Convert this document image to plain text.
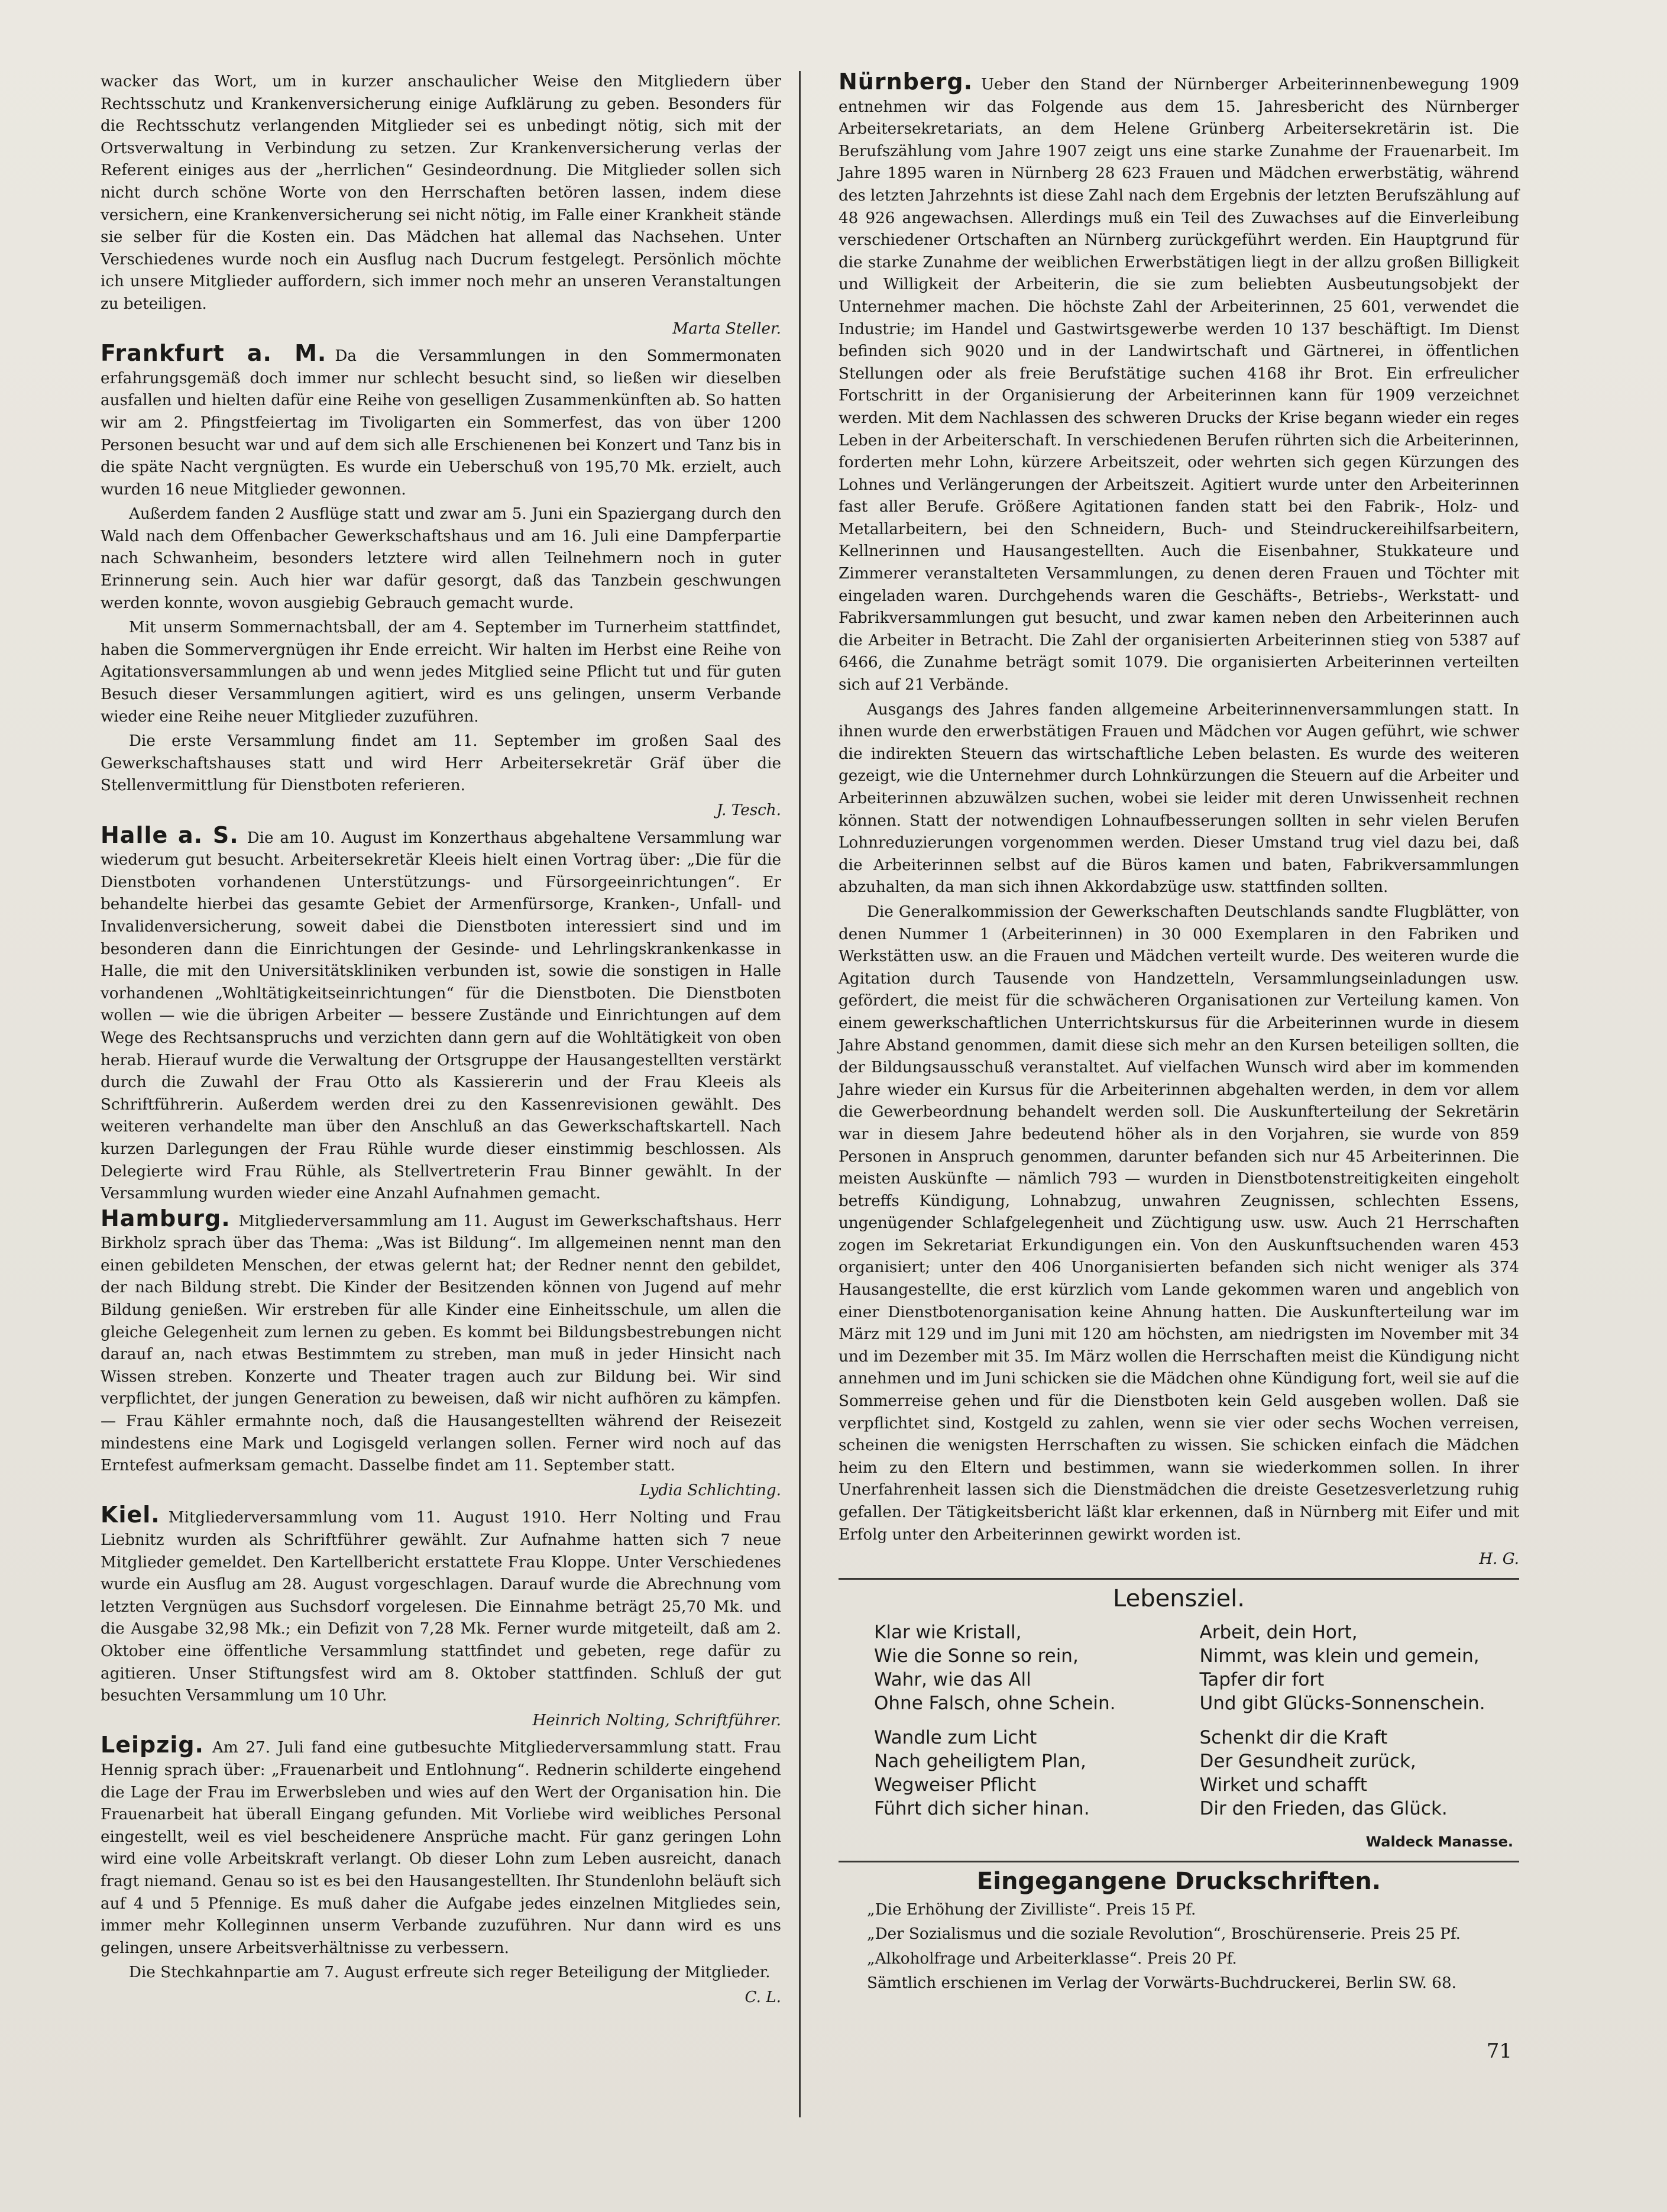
wacker das Wort, um in kurzer anschaulicher Weise den Mitgliedern über Rechtsschutz und Krankenversicherung einige Aufklärung zu geben. Besonders für die Rechtsschutz verlangenden Mitglieder sei es unbedingt nötig, sich mit der Ortsverwaltung in Verbindung zu setzen. Zur Krankenversicherung verlas der Referent einiges aus der „herrlichen“ Gesindeordnung. Die Mitglieder sollen sich nicht durch schöne Worte von den Herrschaften betören lassen, indem diese versichern, eine Krankenversicherung sei nicht nötig, im Falle einer Krankheit stände sie selber für die Kosten ein. Das Mädchen hat allemal das Nachsehen. Unter Verschiedenes wurde noch ein Ausflug nach Ducrum festgelegt. Persönlich möchte ich unsere Mitglieder auffordern, sich immer noch mehr an unseren Veranstaltungen zu beteiligen.

Marta Steller.

Frankfurt a. M. Da die Versammlungen in den Sommermonaten erfahrungsgemäß doch immer nur schlecht besucht sind, so ließen wir dieselben ausfallen und hielten dafür eine Reihe von geselligen Zusammenkünften ab. So hatten wir am 2. Pfingstfeiertag im Tivoligarten ein Sommerfest, das von über 1200 Personen besucht war und auf dem sich alle Erschienenen bei Konzert und Tanz bis in die späte Nacht vergnügten. Es wurde ein Ueberschuß von 195,70 Mk. erzielt, auch wurden 16 neue Mitglieder gewonnen.

Außerdem fanden 2 Ausflüge statt und zwar am 5. Juni ein Spaziergang durch den Wald nach dem Offenbacher Gewerkschaftshaus und am 16. Juli eine Dampferpartie nach Schwanheim, besonders letztere wird allen Teilnehmern noch in guter Erinnerung sein. Auch hier war dafür gesorgt, daß das Tanzbein geschwungen werden konnte, wovon ausgiebig Gebrauch gemacht wurde.

Mit unserm Sommernachtsball, der am 4. September im Turnerheim stattfindet, haben die Sommervergnügen ihr Ende erreicht. Wir halten im Herbst eine Reihe von Agitationsversammlungen ab und wenn jedes Mitglied seine Pflicht tut und für guten Besuch dieser Versammlungen agitiert, wird es uns gelingen, unserm Verbande wieder eine Reihe neuer Mitglieder zuzuführen.

Die erste Versammlung findet am 11. September im großen Saal des Gewerkschaftshauses statt und wird Herr Arbeitersekretär Gräf über die Stellenvermittlung für Dienstboten referieren.

J. Tesch.

Halle a. S. Die am 10. August im Konzerthaus abgehaltene Versammlung war wiederum gut besucht. Arbeitersekretär Kleeis hielt einen Vortrag über: „Die für die Dienstboten vorhandenen Unterstützungs- und Fürsorgeeinrichtungen“. Er behandelte hierbei das gesamte Gebiet der Armenfürsorge, Kranken-, Unfall- und Invalidenversicherung, soweit dabei die Dienstboten interessiert sind und im besonderen dann die Einrichtungen der Gesinde- und Lehrlingskrankenkasse in Halle, die mit den Universitätskliniken verbunden ist, sowie die sonstigen in Halle vorhandenen „Wohltätigkeitseinrichtungen“ für die Dienstboten. Die Dienstboten wollen — wie die übrigen Arbeiter — bessere Zustände und Einrichtungen auf dem Wege des Rechtsanspruchs und verzichten dann gern auf die Wohltätigkeit von oben herab. Hierauf wurde die Verwaltung der Ortsgruppe der Hausangestellten verstärkt durch die Zuwahl der Frau Otto als Kassiererin und der Frau Kleeis als Schriftführerin. Außerdem werden drei zu den Kassenrevisionen gewählt. Des weiteren verhandelte man über den Anschluß an das Gewerkschaftskartell. Nach kurzen Darlegungen der Frau Rühle wurde dieser einstimmig beschlossen. Als Delegierte wird Frau Rühle, als Stellvertreterin Frau Binner gewählt. In der Versammlung wurden wieder eine Anzahl Aufnahmen gemacht.

Hamburg. Mitgliederversammlung am 11. August im Gewerkschaftshaus. Herr Birkholz sprach über das Thema: „Was ist Bildung“. Im allgemeinen nennt man den einen gebildeten Menschen, der etwas gelernt hat; der Redner nennt den gebildet, der nach Bildung strebt. Die Kinder der Besitzenden können von Jugend auf mehr Bildung genießen. Wir erstreben für alle Kinder eine Einheitsschule, um allen die gleiche Gelegenheit zum lernen zu geben. Es kommt bei Bildungsbestrebungen nicht darauf an, nach etwas Bestimmtem zu streben, man muß in jeder Hinsicht nach Wissen streben. Konzerte und Theater tragen auch zur Bildung bei. Wir sind verpflichtet, der jungen Generation zu beweisen, daß wir nicht aufhören zu kämpfen. — Frau Kähler ermahnte noch, daß die Hausangestellten während der Reisezeit mindestens eine Mark und Logisgeld verlangen sollen. Ferner wird noch auf das Erntefest aufmerksam gemacht. Dasselbe findet am 11. September statt.

Lydia Schlichting.

Kiel. Mitgliederversammlung vom 11. August 1910. Herr Nolting und Frau Liebnitz wurden als Schriftführer gewählt. Zur Aufnahme hatten sich 7 neue Mitglieder gemeldet. Den Kartellbericht erstattete Frau Kloppe. Unter Verschiedenes wurde ein Ausflug am 28. August vorgeschlagen. Darauf wurde die Abrechnung vom letzten Vergnügen aus Suchsdorf vorgelesen. Die Einnahme beträgt 25,70 Mk. und die Ausgabe 32,98 Mk.; ein Defizit von 7,28 Mk. Ferner wurde mitgeteilt, daß am 2. Oktober eine öffentliche Versammlung stattfindet und gebeten, rege dafür zu agitieren. Unser Stiftungsfest wird am 8. Oktober stattfinden. Schluß der gut besuchten Versammlung um 10 Uhr.

Heinrich Nolting, Schriftführer.

Leipzig. Am 27. Juli fand eine gutbesuchte Mitgliederversammlung statt. Frau Hennig sprach über: „Frauenarbeit und Entlohnung“. Rednerin schilderte eingehend die Lage der Frau im Erwerbsleben und wies auf den Wert der Organisation hin. Die Frauenarbeit hat überall Eingang gefunden. Mit Vorliebe wird weibliches Personal eingestellt, weil es viel bescheidenere Ansprüche macht. Für ganz geringen Lohn wird eine volle Arbeitskraft verlangt. Ob dieser Lohn zum Leben ausreicht, danach fragt niemand. Genau so ist es bei den Hausangestellten. Ihr Stundenlohn beläuft sich auf 4 und 5 Pfennige. Es muß daher die Aufgabe jedes einzelnen Mitgliedes sein, immer mehr Kolleginnen unserm Verbande zuzuführen. Nur dann wird es uns gelingen, unsere Arbeitsverhältnisse zu verbessern.

Die Stechkahnpartie am 7. August erfreute sich reger Beteiligung der Mitglieder.

C. L.

Nürnberg. Ueber den Stand der Nürnberger Arbeiterinnenbewegung 1909 entnehmen wir das Folgende aus dem 15. Jahresbericht des Nürnberger Arbeitersekretariats, an dem Helene Grünberg Arbeitersekretärin ist. Die Berufszählung vom Jahre 1907 zeigt uns eine starke Zunahme der Frauenarbeit. Im Jahre 1895 waren in Nürnberg 28 623 Frauen und Mädchen erwerbstätig, während des letzten Jahrzehnts ist diese Zahl nach dem Ergebnis der letzten Berufszählung auf 48 926 angewachsen. Allerdings muß ein Teil des Zuwachses auf die Einverleibung verschiedener Ortschaften an Nürnberg zurückgeführt werden. Ein Hauptgrund für die starke Zunahme der weiblichen Erwerbstätigen liegt in der allzu großen Billigkeit und Willigkeit der Arbeiterin, die sie zum beliebten Ausbeutungsobjekt der Unternehmer machen. Die höchste Zahl der Arbeiterinnen, 25 601, verwendet die Industrie; im Handel und Gastwirtsgewerbe werden 10 137 beschäftigt. Im Dienst befinden sich 9020 und in der Landwirtschaft und Gärtnerei, in öffentlichen Stellungen oder als freie Berufstätige suchen 4168 ihr Brot. Ein erfreulicher Fortschritt in der Organisierung der Arbeiterinnen kann für 1909 verzeichnet werden. Mit dem Nachlassen des schweren Drucks der Krise begann wieder ein reges Leben in der Arbeiterschaft. In verschiedenen Berufen rührten sich die Arbeiterinnen, forderten mehr Lohn, kürzere Arbeitszeit, oder wehrten sich gegen Kürzungen des Lohnes und Verlängerungen der Arbeitszeit. Agitiert wurde unter den Arbeiterinnen fast aller Berufe. Größere Agitationen fanden statt bei den Fabrik-, Holz- und Metallarbeitern, bei den Schneidern, Buch- und Steindruckereihilfsarbeitern, Kellnerinnen und Hausangestellten. Auch die Eisenbahner, Stukkateure und Zimmerer veranstalteten Versammlungen, zu denen deren Frauen und Töchter mit eingeladen waren. Durchgehends waren die Geschäfts-, Betriebs-, Werkstatt- und Fabrikversammlungen gut besucht, und zwar kamen neben den Arbeiterinnen auch die Arbeiter in Betracht. Die Zahl der organisierten Arbeiterinnen stieg von 5387 auf 6466, die Zunahme beträgt somit 1079. Die organisierten Arbeiterinnen verteilten sich auf 21 Verbände.

Ausgangs des Jahres fanden allgemeine Arbeiterinnenversammlungen statt. In ihnen wurde den erwerbstätigen Frauen und Mädchen vor Augen geführt, wie schwer die indirekten Steuern das wirtschaftliche Leben belasten. Es wurde des weiteren gezeigt, wie die Unternehmer durch Lohnkürzungen die Steuern auf die Arbeiter und Arbeiterinnen abzuwälzen suchen, wobei sie leider mit deren Unwissenheit rechnen können. Statt der notwendigen Lohnaufbesserungen sollten in sehr vielen Berufen Lohnreduzierungen vorgenommen werden. Dieser Umstand trug viel dazu bei, daß die Arbeiterinnen selbst auf die Büros kamen und baten, Fabrikversammlungen abzuhalten, da man sich ihnen Akkordabzüge usw. stattfinden sollten.

Die Generalkommission der Gewerkschaften Deutschlands sandte Flugblätter, von denen Nummer 1 (Arbeiterinnen) in 30 000 Exemplaren in den Fabriken und Werkstätten usw. an die Frauen und Mädchen verteilt wurde. Des weiteren wurde die Agitation durch Tausende von Handzetteln, Versammlungseinladungen usw. gefördert, die meist für die schwächeren Organisationen zur Verteilung kamen. Von einem gewerkschaftlichen Unterrichtskursus für die Arbeiterinnen wurde in diesem Jahre Abstand genommen, damit diese sich mehr an den Kursen beteiligen sollten, die der Bildungsausschuß veranstaltet. Auf vielfachen Wunsch wird aber im kommenden Jahre wieder ein Kursus für die Arbeiterinnen abgehalten werden, in dem vor allem die Gewerbeordnung behandelt werden soll. Die Auskunfterteilung der Sekretärin war in diesem Jahre bedeutend höher als in den Vorjahren, sie wurde von 859 Personen in Anspruch genommen, darunter befanden sich nur 45 Arbeiterinnen. Die meisten Auskünfte — nämlich 793 — wurden in Dienstbotenstreitigkeiten eingeholt betreffs Kündigung, Lohnabzug, unwahren Zeugnissen, schlechten Essens, ungenügender Schlafgelegenheit und Züchtigung usw. usw. Auch 21 Herrschaften zogen im Sekretariat Erkundigungen ein. Von den Auskunftsuchenden waren 453 organisiert; unter den 406 Unorganisierten befanden sich nicht weniger als 374 Hausangestellte, die erst kürzlich vom Lande gekommen waren und angeblich von einer Dienstbotenorganisation keine Ahnung hatten. Die Auskunfterteilung war im März mit 129 und im Juni mit 120 am höchsten, am niedrigsten im November mit 34 und im Dezember mit 35. Im März wollen die Herrschaften meist die Kündigung nicht annehmen und im Juni schicken sie die Mädchen ohne Kündigung fort, weil sie auf die Sommerreise gehen und für die Dienstboten kein Geld ausgeben wollen. Daß sie verpflichtet sind, Kostgeld zu zahlen, wenn sie vier oder sechs Wochen verreisen, scheinen die wenigsten Herrschaften zu wissen. Sie schicken einfach die Mädchen heim zu den Eltern und bestimmen, wann sie wiederkommen sollen. In ihrer Unerfahrenheit lassen sich die Dienstmädchen die dreiste Gesetzesverletzung ruhig gefallen. Der Tätigkeitsbericht läßt klar erkennen, daß in Nürnberg mit Eifer und mit Erfolg unter den Arbeiterinnen gewirkt worden ist.

H. G.

Lebensziel.
Klar wie Kristall,
Wie die Sonne so rein,
Wahr, wie das All
Ohne Falsch, ohne Schein.
Arbeit, dein Hort,
Nimmt, was klein und gemein,
Tapfer dir fort
Und gibt Glücks-Sonnenschein.
Wandle zum Licht
Nach geheiligtem Plan,
Wegweiser Pflicht
Führt dich sicher hinan.
Schenkt dir die Kraft
Der Gesundheit zurück,
Wirket und schafft
Dir den Frieden, das Glück.
Waldeck Manasse.
Eingegangene Druckschriften.

„Die Erhöhung der Zivilliste“. Preis 15 Pf.

„Der Sozialismus und die soziale Revolution“, Broschürenserie. Preis 25 Pf.

„Alkoholfrage und Arbeiterklasse“. Preis 20 Pf.

Sämtlich erschienen im Verlag der Vorwärts-Buchdruckerei, Berlin SW. 68.

71
